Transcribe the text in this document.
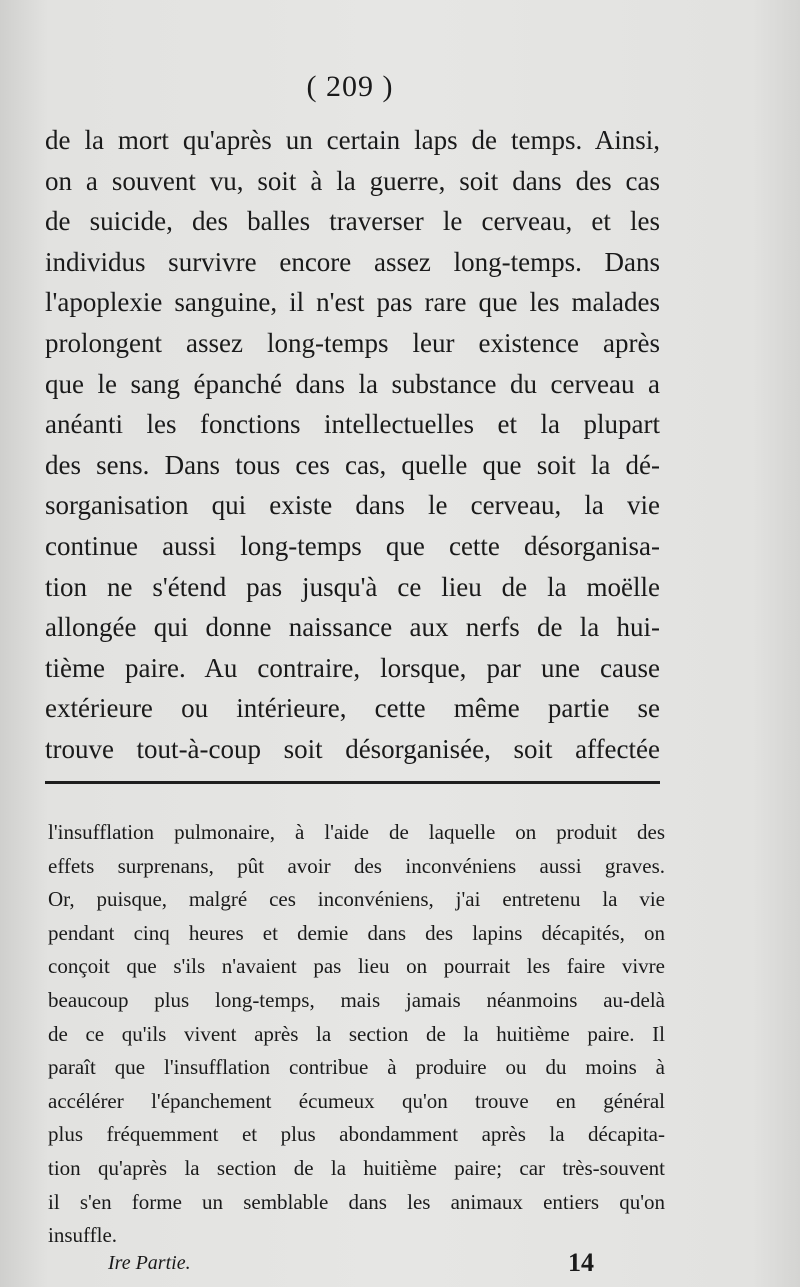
( 209 )
de la mort qu'après un certain laps de temps. Ainsi,
on a souvent vu, soit à la guerre, soit dans des cas
de suicide, des balles traverser le cerveau, et les
individus survivre encore assez long-temps. Dans
l'apoplexie sanguine, il n'est pas rare que les malades
prolongent assez long-temps leur existence après
que le sang épanché dans la substance du cerveau a
anéanti les fonctions intellectuelles et la plupart
des sens. Dans tous ces cas, quelle que soit la dé-
sorganisation qui existe dans le cerveau, la vie
continue aussi long-temps que cette désorganisa-
tion ne s'étend pas jusqu'à ce lieu de la moëlle
allongée qui donne naissance aux nerfs de la hui-
tième paire. Au contraire, lorsque, par une cause
extérieure ou intérieure, cette même partie se
trouve tout-à-coup soit désorganisée, soit affectée
l'insufflation pulmonaire, à l'aide de laquelle on produit des
effets surprenans, pût avoir des inconvéniens aussi graves.
Or, puisque, malgré ces inconvéniens, j'ai entretenu la vie
pendant cinq heures et demie dans des lapins décapités, on
conçoit que s'ils n'avaient pas lieu on pourrait les faire vivre
beaucoup plus long-temps, mais jamais néanmoins au-delà
de ce qu'ils vivent après la section de la huitième paire. Il
paraît que l'insufflation contribue à produire ou du moins à
accélérer l'épanchement écumeux qu'on trouve en général
plus fréquemment et plus abondamment après la décapita-
tion qu'après la section de la huitième paire; car très-souvent
il s'en forme un semblable dans les animaux entiers qu'on
insuffle.
Ire Partie.	14
